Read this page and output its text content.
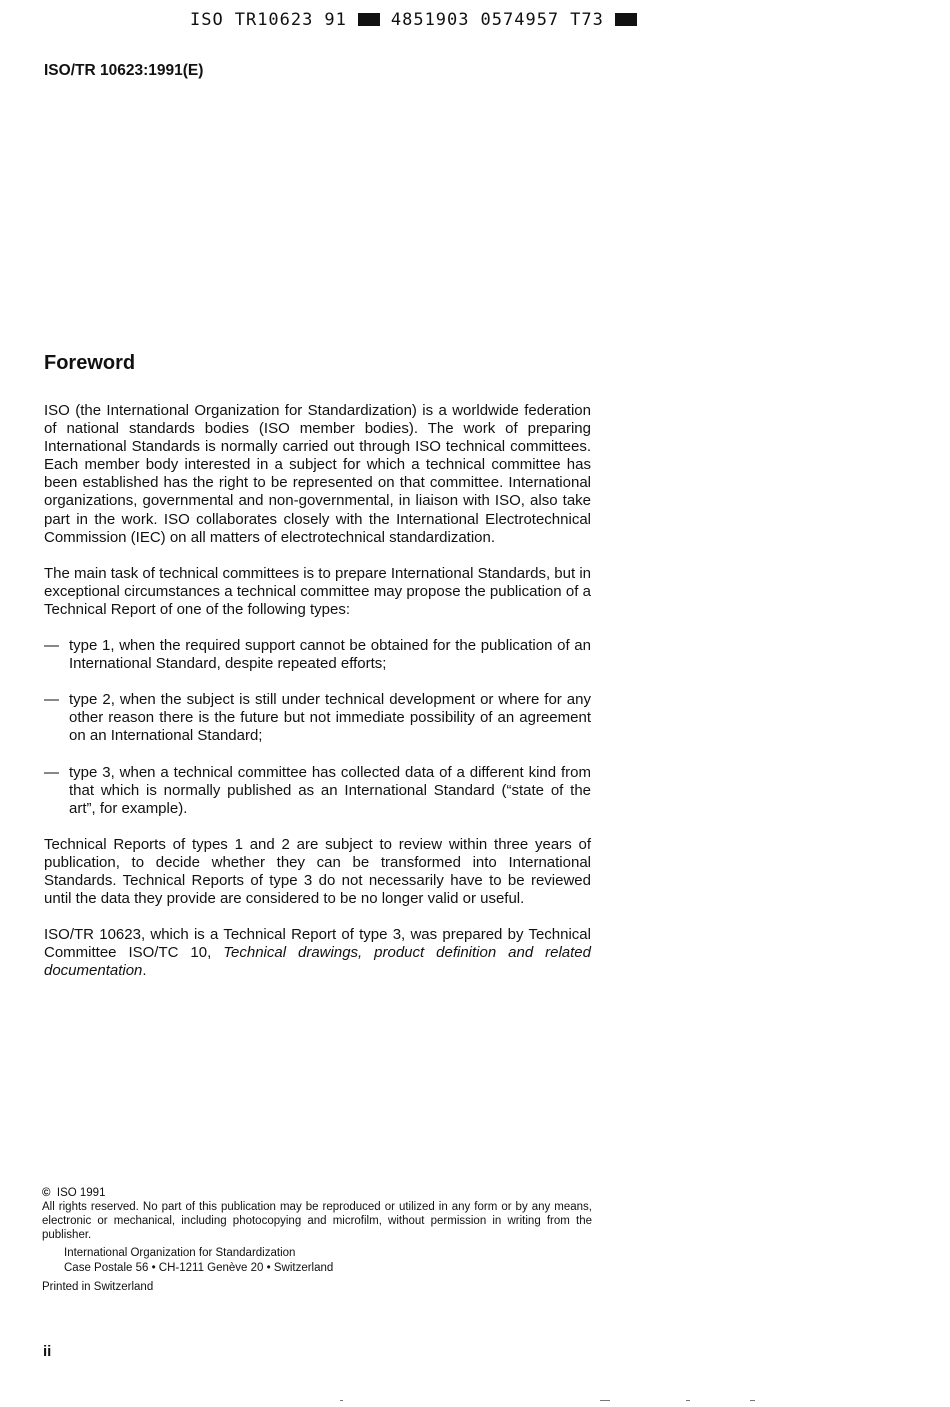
ISO TR10623 91	4851903 0574957 T73
ISO/TR 10623:1991(E)
Foreword

ISO (the International Organization for Standardization) is a worldwide federation of national standards bodies (ISO member bodies). The work of preparing International Standards is normally carried out through ISO technical committees. Each member body interested in a subject for which a technical committee has been established has the right to be represented on that committee. International organizations, governmental and non-governmental, in liaison with ISO, also take part in the work. ISO collaborates closely with the International Electrotechnical Commission (IEC) on all matters of electrotechnical standardization.

The main task of technical committees is to prepare International Standards, but in exceptional circumstances a technical committee may propose the publication of a Technical Report of one of the following types:

— type 1, when the required support cannot be obtained for the publication of an International Standard, despite repeated efforts;
— type 2, when the subject is still under technical development or where for any other reason there is the future but not immediate possibility of an agreement on an International Standard;
— type 3, when a technical committee has collected data of a different kind from that which is normally published as an International Standard (“state of the art”, for example).

Technical Reports of types 1 and 2 are subject to review within three years of publication, to decide whether they can be transformed into International Standards. Technical Reports of type 3 do not necessarily have to be reviewed until the data they provide are considered to be no longer valid or useful.

ISO/TR 10623, which is a Technical Report of type 3, was prepared by Technical Committee ISO/TC 10, Technical drawings, product definition and related documentation.

© ISO 1991

All rights reserved. No part of this publication may be reproduced or utilized in any form or by any means, electronic or mechanical, including photocopying and microfilm, without permission in writing from the publisher.

International Organization for Standardization
Case Postale 56 • CH-1211 Genève 20 • Switzerland

Printed in Switzerland

ii
